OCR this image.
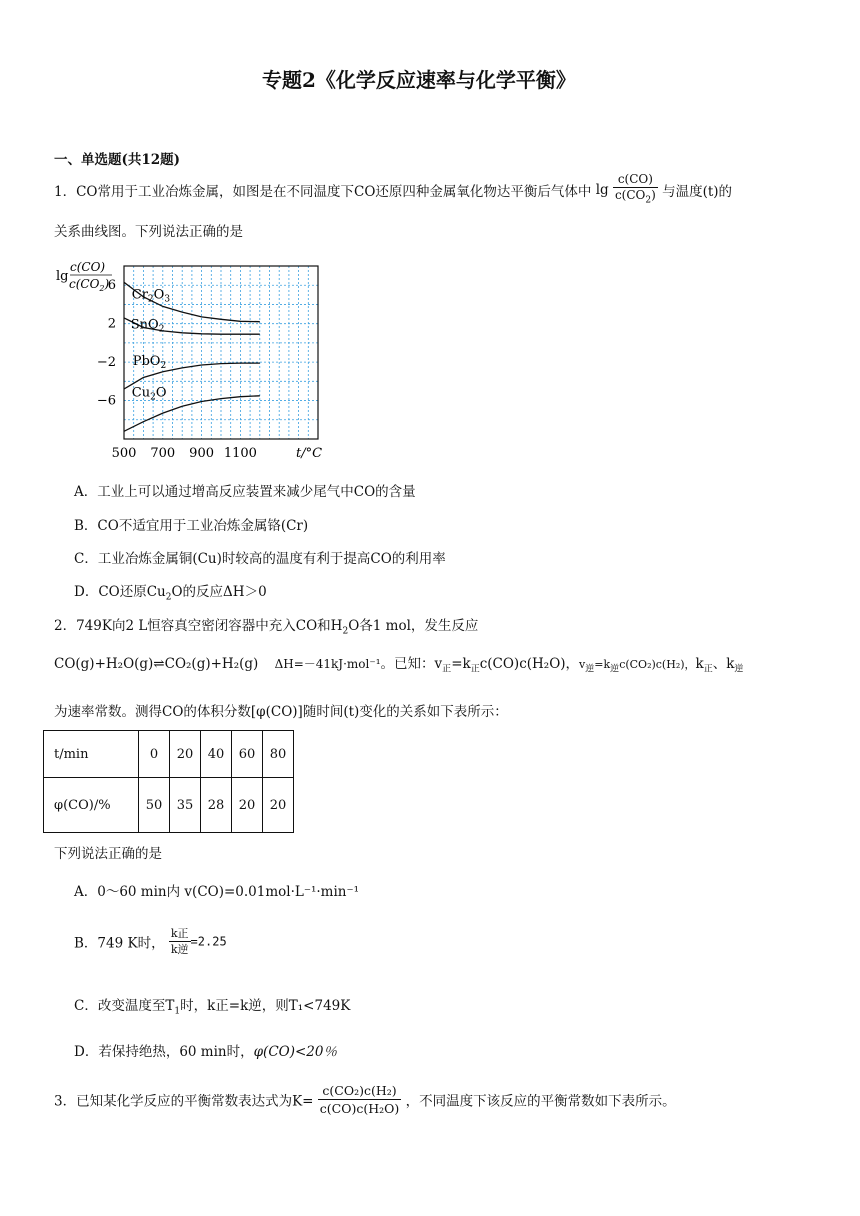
专题2《化学反应速率与化学平衡》
一、单选题(共12题)
1．CO常用于工业冶炼金属，如图是在不同温度下CO还原四种金属氧化物达平衡后气体中 $\lg \frac{c(CO)}{c(CO_2)}$ 与温度(t)的
关系曲线图。下列说法正确的是
6
2
−2
−6
500 700 900 1100
$Cr_2O_3$
SnO$_2$
PbO$_2$
$Cu_2O$
lg
c(CO)
$c(CO_2)$
t/°C
A．工业上可以通过增高反应装置来减少尾气中CO的含量
B．CO不适宜用于工业冶炼金属铬(Cr)
C．工业冶炼金属铜(Cu)时较高的温度有利于提高CO的利用率
D．CO还原$Cu_2O$的反应ΔH＞0
2．749K向2 L恒容真空密闭容器中充入CO和$H_2O$各1 mol，发生反应
CO(g)+H₂O(g)⇌CO₂(g)+H₂(g) ΔH=－41kJ·mol⁻¹。已知：$v_正=k_正c(CO)c(H_2O)$，$v_逆=k_逆c(CO_2)c(H_2)$，$k_正$、$k_逆$
为速率常数。测得CO的体积分数[φ(CO)]随时间(t)变化的关系如下表所示：
t/min	0	20	40	60	80
φ(CO)/%	50	35	28	20	20
下列说法正确的是
A．0～60 min内 v(CO)=0.01mol·L⁻¹·min⁻¹
B．749 K时， $\frac{\text{k正}}{\text{k逆}} =2.25$
C．改变温度至$T_1$时，k正=k逆，则T₁<749K
D．若保持绝热，60 min时，φ(CO)<20％
3．已知某化学反应的平衡常数表达式为$K= \frac{\text{c(CO₂)c(H₂)}}{\text{c(CO)c(H₂O)}}$ ，不同温度下该反应的平衡常数如下表所示。
